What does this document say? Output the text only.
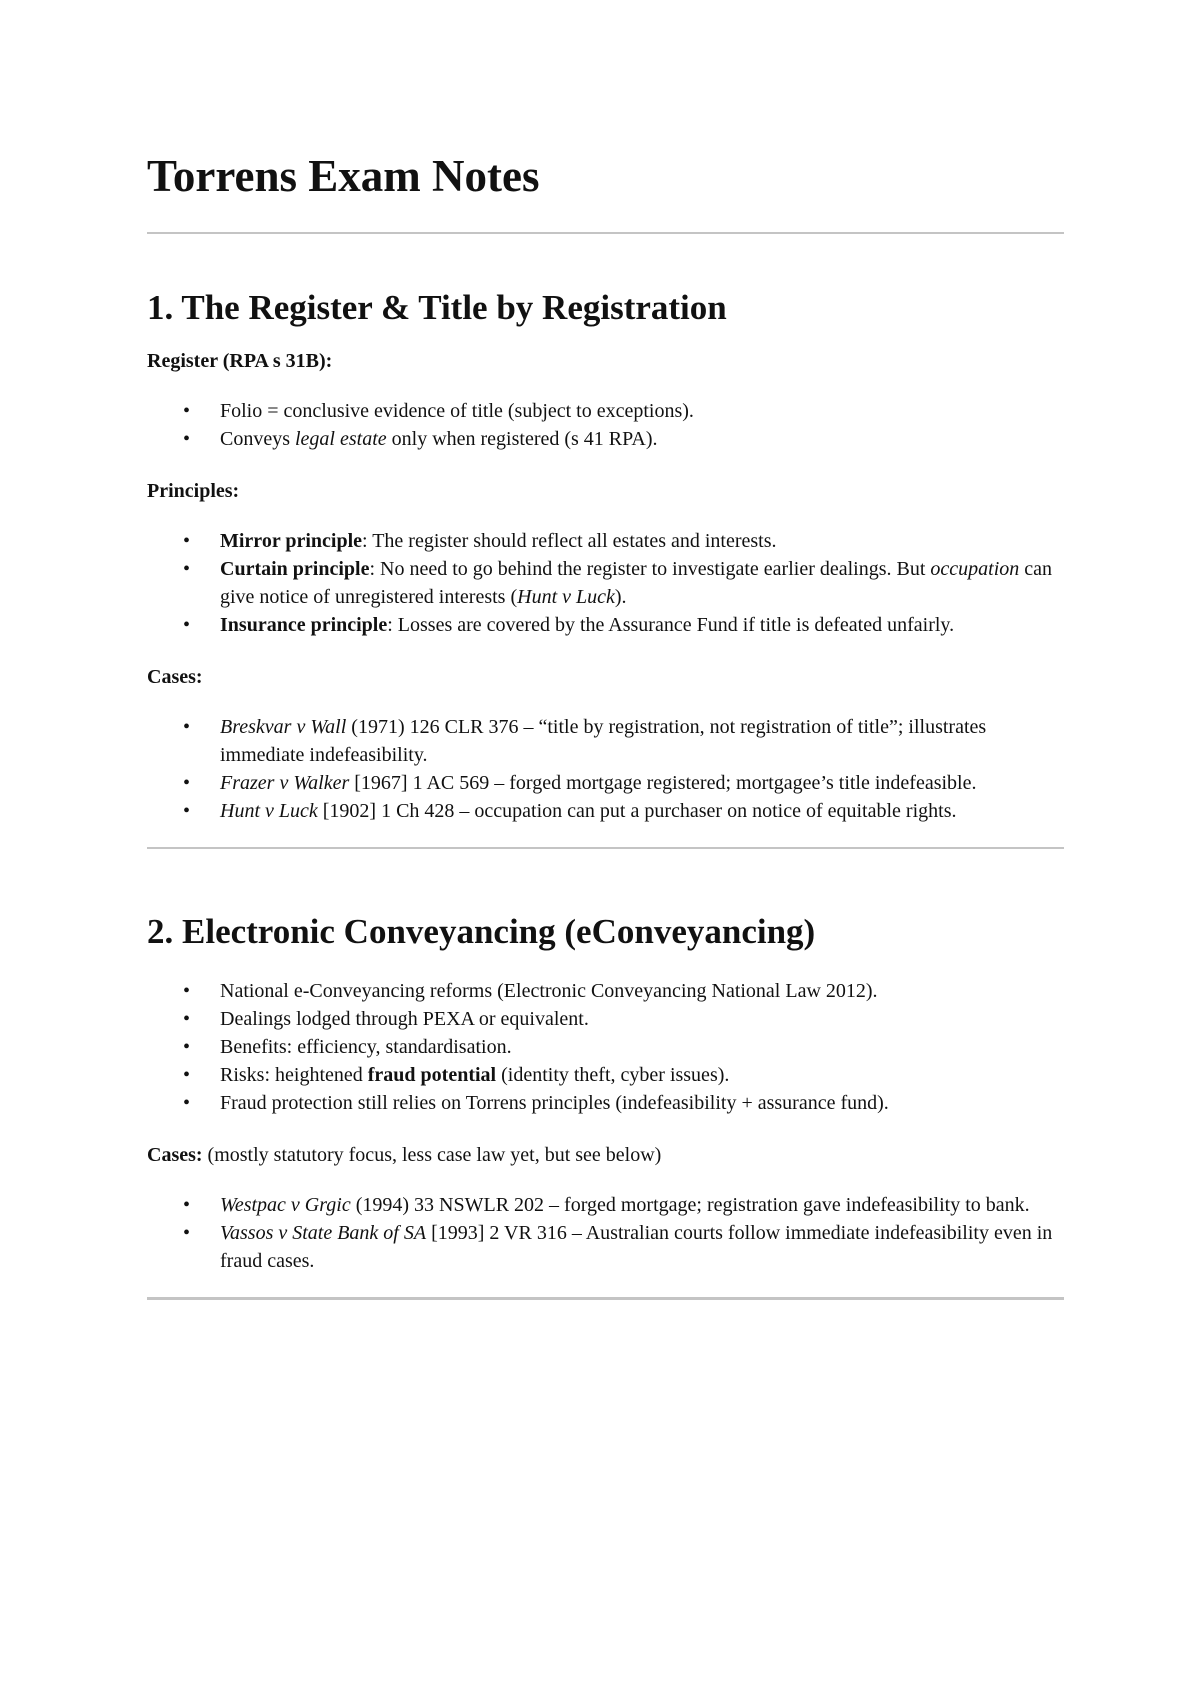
Torrens Exam Notes
1. The Register & Title by Registration

Register (RPA s 31B):

• Folio = conclusive evidence of title (subject to exceptions).
• Conveys legal estate only when registered (s 41 RPA).

Principles:

• Mirror principle: The register should reflect all estates and interests.
• Curtain principle: No need to go behind the register to investigate earlier dealings. But occupation can give notice of unregistered interests (Hunt v Luck).
• Insurance principle: Losses are covered by the Assurance Fund if title is defeated unfairly.

Cases:

• Breskvar v Wall (1971) 126 CLR 376 – “title by registration, not registration of title”; illustrates immediate indefeasibility.
• Frazer v Walker [1967] 1 AC 569 – forged mortgage registered; mortgagee’s title indefeasible.
• Hunt v Luck [1902] 1 Ch 428 – occupation can put a purchaser on notice of equitable rights.
2. Electronic Conveyancing (eConveyancing)
• National e-Conveyancing reforms (Electronic Conveyancing National Law 2012).
• Dealings lodged through PEXA or equivalent.
• Benefits: efficiency, standardisation.
• Risks: heightened fraud potential (identity theft, cyber issues).
• Fraud protection still relies on Torrens principles (indefeasibility + assurance fund).

Cases: (mostly statutory focus, less case law yet, but see below)

• Westpac v Grgic (1994) 33 NSWLR 202 – forged mortgage; registration gave indefeasibility to bank.
• Vassos v State Bank of SA [1993] 2 VR 316 – Australian courts follow immediate indefeasibility even in fraud cases.
